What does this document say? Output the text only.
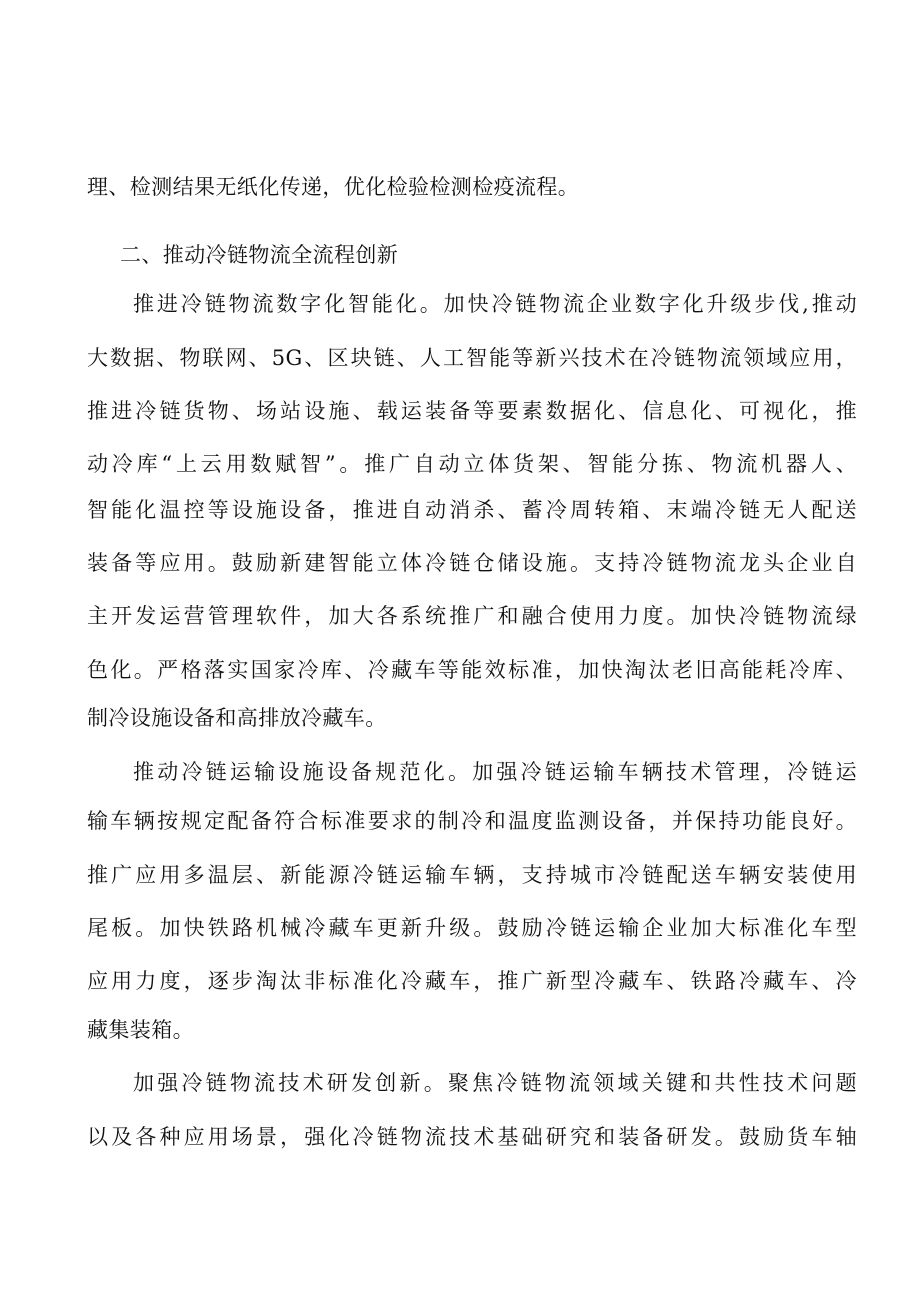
理、检测结果无纸化传递，优化检验检测检疫流程。
二、推动冷链物流全流程创新
推进冷链物流数字化智能化。加快冷链物流企业数字化升级步伐,推动
大数据、物联网、5G、区块链、人工智能等新兴技术在冷链物流领域应用，
推进冷链货物、场站设施、载运装备等要素数据化、信息化、可视化，推
动冷库“上云用数赋智”。推广自动立体货架、智能分拣、物流机器人、
智能化温控等设施设备，推进自动消杀、蓄冷周转箱、末端冷链无人配送
装备等应用。鼓励新建智能立体冷链仓储设施。支持冷链物流龙头企业自
主开发运营管理软件，加大各系统推广和融合使用力度。加快冷链物流绿
色化。严格落实国家冷库、冷藏车等能效标准，加快淘汰老旧高能耗冷库、
制冷设施设备和高排放冷藏车。
推动冷链运输设施设备规范化。加强冷链运输车辆技术管理，冷链运
输车辆按规定配备符合标准要求的制冷和温度监测设备，并保持功能良好。
推广应用多温层、新能源冷链运输车辆，支持城市冷链配送车辆安装使用
尾板。加快铁路机械冷藏车更新升级。鼓励冷链运输企业加大标准化车型
应用力度，逐步淘汰非标准化冷藏车，推广新型冷藏车、铁路冷藏车、冷
藏集装箱。
加强冷链物流技术研发创新。聚焦冷链物流领域关键和共性技术问题
以及各种应用场景，强化冷链物流技术基础研究和装备研发。鼓励货车轴
